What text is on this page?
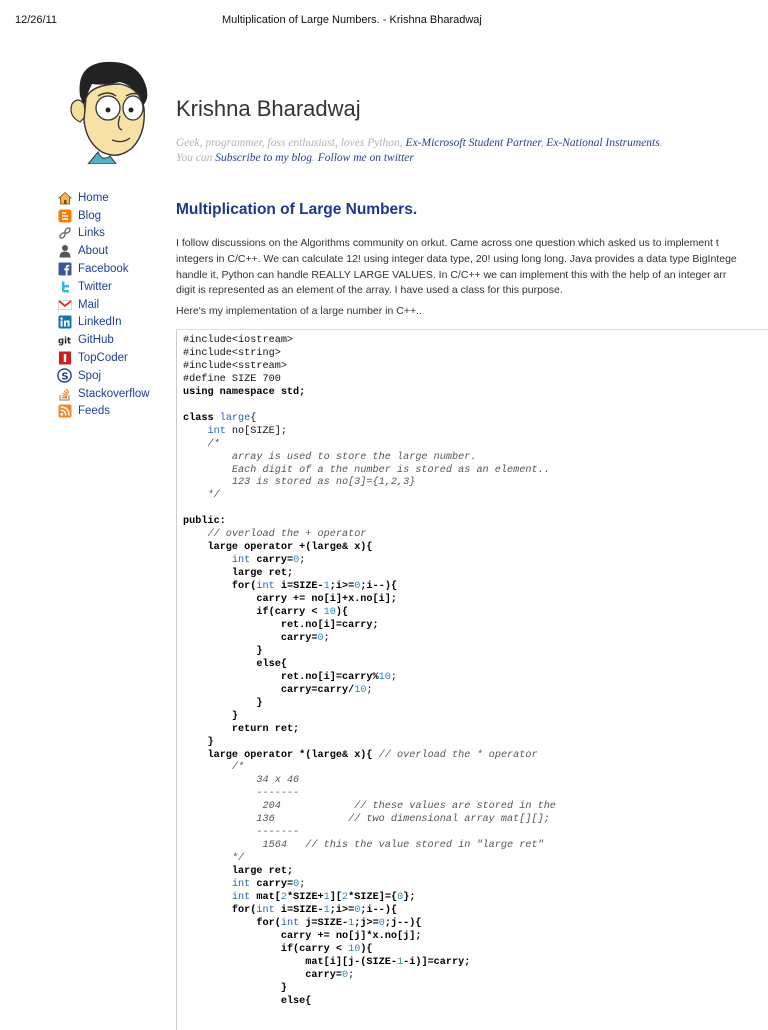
12/26/11	Multiplication of Large Numbers. - Krishna Bharadwaj
Krishna Bharadwaj
Geek, programmer, foss enthusiast, loves Python, Ex-Microsoft Student Partner, Ex-National Instruments.
You can Subscribe to my blog. Follow me on twitter
Home
Blog
Links
About
Facebook
Twitter
Mail
LinkedIn
git GitHub
TopCoder
S Spoj
Stackoverflow
Feeds
Multiplication of Large Numbers.

I follow discussions on the Algorithms community on orkut. Came across one question which asked us to implement t

integers in C/C++. We can calculate 12! using integer data type, 20! using long long. Java provides a data type BigIntege

handle it, Python can handle REALLY LARGE VALUES. In C/C++ we can implement this with the help of an integer arr

digit is represented as an element of the array. I have used a class for this purpose.

Here's my implementation of a large number in C++..
#include<iostream>
#include<string>
#include<sstream>
#define SIZE 700
using namespace std;

class large{
int no[SIZE];
/*
array is used to store the large number.
Each digit of a the number is stored as an element..
123 is stored as no[3]={1,2,3}
*/

public:
// overload the + operator
large operator +(large& x){
int carry=0;
large ret;
for(int i=SIZE-1;i>=0;i--){
carry += no[i]+x.no[i];
if(carry < 10){
ret.no[i]=carry;
carry=0;
}
else{
ret.no[i]=carry%10;
carry=carry/10;
}
}
return ret;
}
large operator *(large& x){ // overload the * operator
/*
34 x 46
-------
204            // these values are stored in the
136            // two dimensional array mat[][];
-------
1564   // this the value stored in "large ret"
*/
large ret;
int carry=0;
int mat[2*SIZE+1][2*SIZE]={0};
for(int i=SIZE-1;i>=0;i--){
for(int j=SIZE-1;j>=0;j--){
carry += no[j]*x.no[j];
if(carry < 10){
mat[i][j-(SIZE-1-i)]=carry;
carry=0;
}
else{
